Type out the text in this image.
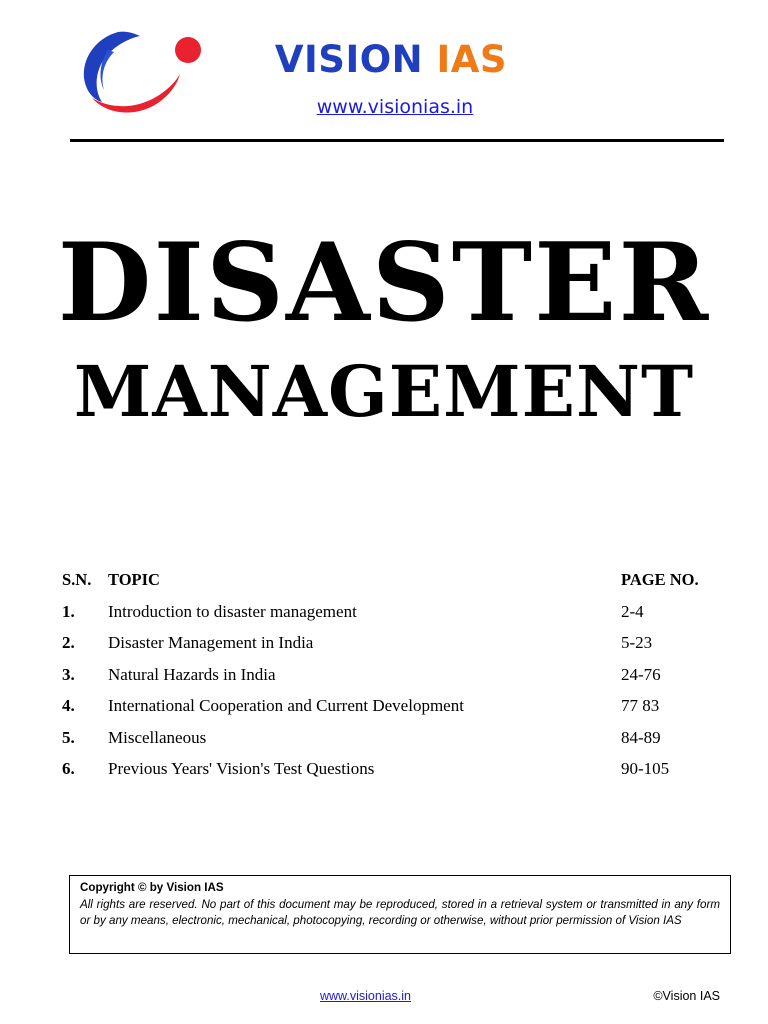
VISION IAS
www.visionias.in
DISASTER
MANAGEMENT
S.N. TOPIC	PAGE NO.
1. Introduction to disaster management	2-4
2. Disaster Management in India	5-23
3. Natural Hazards in India	24-76
4. International Cooperation and Current Development	77 83
5. Miscellaneous	84-89
6. Previous Years' Vision's Test Questions	90-105
Copyright © by Vision IAS
All rights are reserved. No part of this document may be reproduced, stored in a retrieval system or transmitted in any form or by any means, electronic, mechanical, photocopying, recording or otherwise, without prior permission of Vision IAS
www.visionias.in	©Vision IAS
